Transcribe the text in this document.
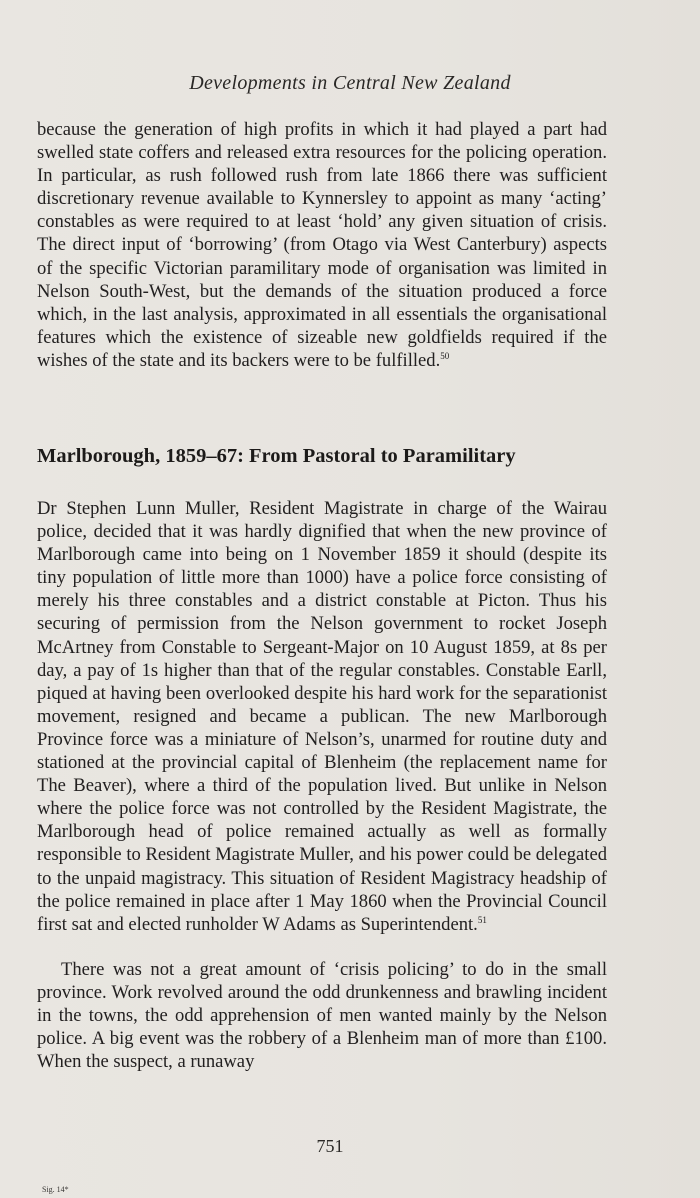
Developments in Central New Zealand

because the generation of high profits in which it had played a part had swelled state coffers and released extra resources for the policing operation. In particular, as rush followed rush from late 1866 there was sufficient discretionary revenue available to Kynnersley to appoint as many ‘acting’ constables as were required to at least ‘hold’ any given situation of crisis. The direct input of ‘borrowing’ (from Otago via West Canterbury) aspects of the specific Victorian paramilitary mode of organisation was limited in Nelson South-West, but the demands of the situation produced a force which, in the last analysis, approximated in all essentials the organisational features which the existence of sizeable new goldfields required if the wishes of the state and its backers were to be fulfilled.$^{50}$

Marlborough, 1859–67: From Pastoral to Paramilitary

Dr Stephen Lunn Muller, Resident Magistrate in charge of the Wairau police, decided that it was hardly dignified that when the new province of Marlborough came into being on 1 November 1859 it should (despite its tiny population of little more than 1000) have a police force consisting of merely his three constables and a district constable at Picton. Thus his securing of permission from the Nelson government to rocket Joseph McArtney from Constable to Sergeant-Major on 10 August 1859, at 8s per day, a pay of 1s higher than that of the regular constables. Constable Earll, piqued at having been overlooked despite his hard work for the separationist movement, resigned and became a publican. The new Marlborough Province force was a miniature of Nelson’s, unarmed for routine duty and stationed at the provincial capital of Blenheim (the replacement name for The Beaver), where a third of the population lived. But unlike in Nelson where the police force was not controlled by the Resident Magistrate, the Marlborough head of police remained actually as well as formally responsible to Resident Magistrate Muller, and his power could be delegated to the unpaid magistracy. This situation of Resident Magistracy headship of the police remained in place after 1 May 1860 when the Provincial Council first sat and elected runholder W Adams as Superintendent.$^{51}$

There was not a great amount of ‘crisis policing’ to do in the small province. Work revolved around the odd drunkenness and brawling incident in the towns, the odd apprehension of men wanted mainly by the Nelson police. A big event was the robbery of a Blenheim man of more than £100. When the suspect, a runaway

751
Sig. 14*
